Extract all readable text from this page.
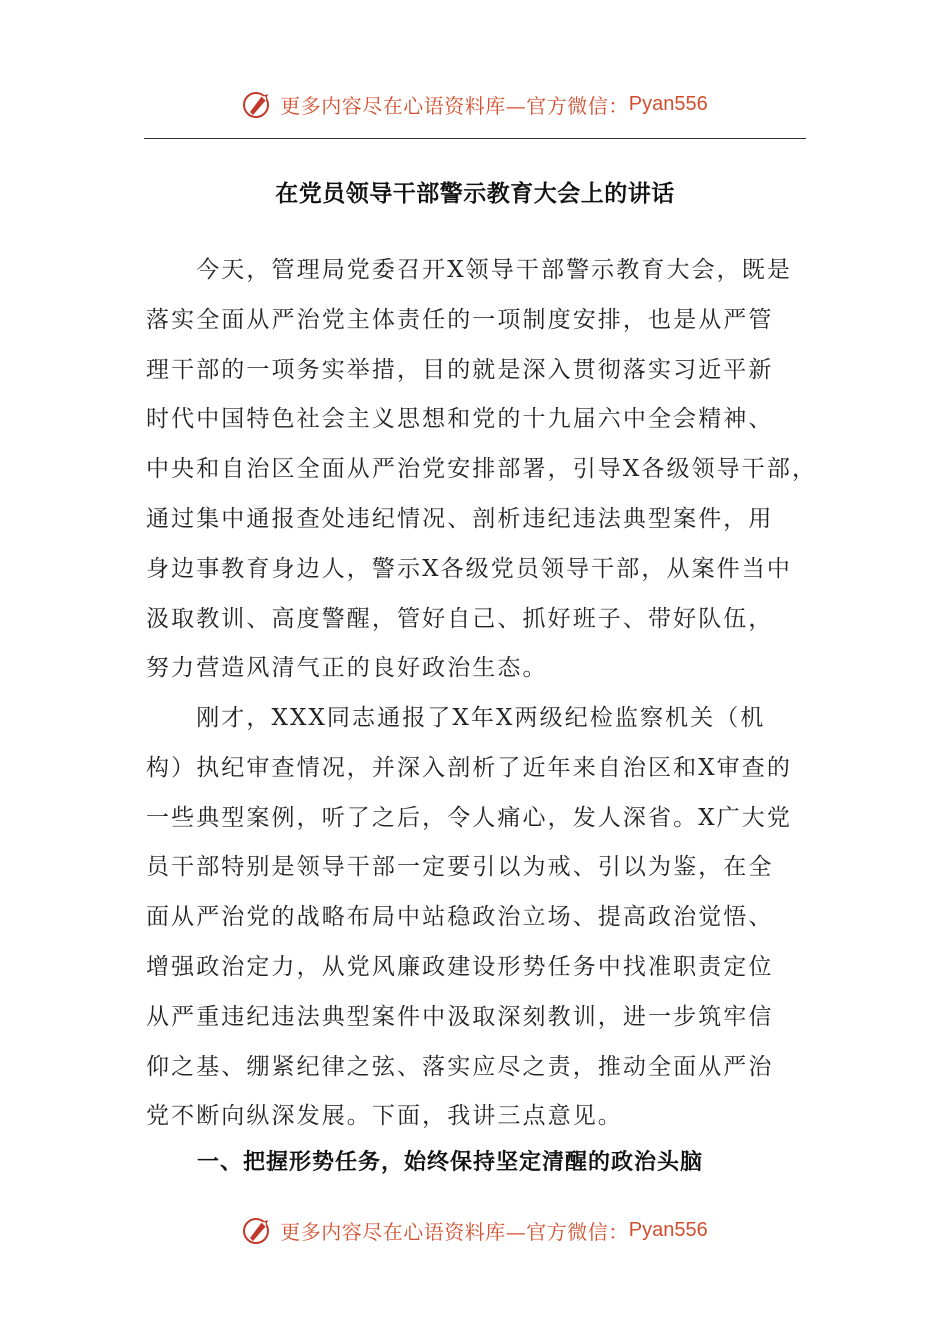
更多内容尽在心语资料库—官方微信： Pyan556
在党员领导干部警示教育大会上的讲话

　　今天，管理局党委召开X领导干部警示教育大会，既是
落实全面从严治党主体责任的一项制度安排，也是从严管
理干部的一项务实举措，目的就是深入贯彻落实习近平新
时代中国特色社会主义思想和党的十九届六中全会精神、
中央和自治区全面从严治党安排部署，引导X各级领导干部，
通过集中通报查处违纪情况、剖析违纪违法典型案件，用
身边事教育身边人，警示X各级党员领导干部，从案件当中
汲取教训、高度警醒，管好自己、抓好班子、带好队伍，
努力营造风清气正的良好政治生态。

　　刚才，XXX同志通报了X年X两级纪检监察机关（机
构）执纪审查情况，并深入剖析了近年来自治区和X审查的
一些典型案例，听了之后，令人痛心，发人深省。X广大党
员干部特别是领导干部一定要引以为戒、引以为鉴，在全
面从严治党的战略布局中站稳政治立场、提高政治觉悟、
增强政治定力，从党风廉政建设形势任务中找准职责定位
从严重违纪违法典型案件中汲取深刻教训，进一步筑牢信
仰之基、绷紧纪律之弦、落实应尽之责，推动全面从严治
党不断向纵深发展。下面，我讲三点意见。

一、把握形势任务，始终保持坚定清醒的政治头脑
更多内容尽在心语资料库—官方微信： Pyan556
